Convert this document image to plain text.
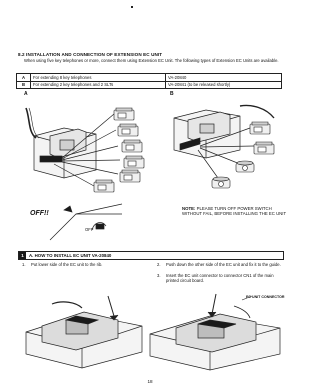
8.2 INSTALLATION AND CONNECTION OF EXTENSION EC UNIT
When using five key telephones or more, connect them using Extension EC Unit. The following types of Extension EC Units are available.
A	For extending 8 key telephones	VA-20840
B	For extending 2 key telephones and 2 SLTs	VA-20841 (to be released shortly)
A	B
OFF!!
OFF
NOTE: PLEASE TURN OFF POWER SWITCH WITHOUT FAIL, BEFORE INSTALLING THE EC UNIT
1	A. HOW TO INSTALL EC UNIT VA-20840
1. Put lower side of the EC unit to the rib.	2. Push down the other side of the EC unit and fix it to the guide.
3. Insert the EC unit connector to connector CN1 of the main printed circuit board.
EC UNIT CONNECTOR
18
